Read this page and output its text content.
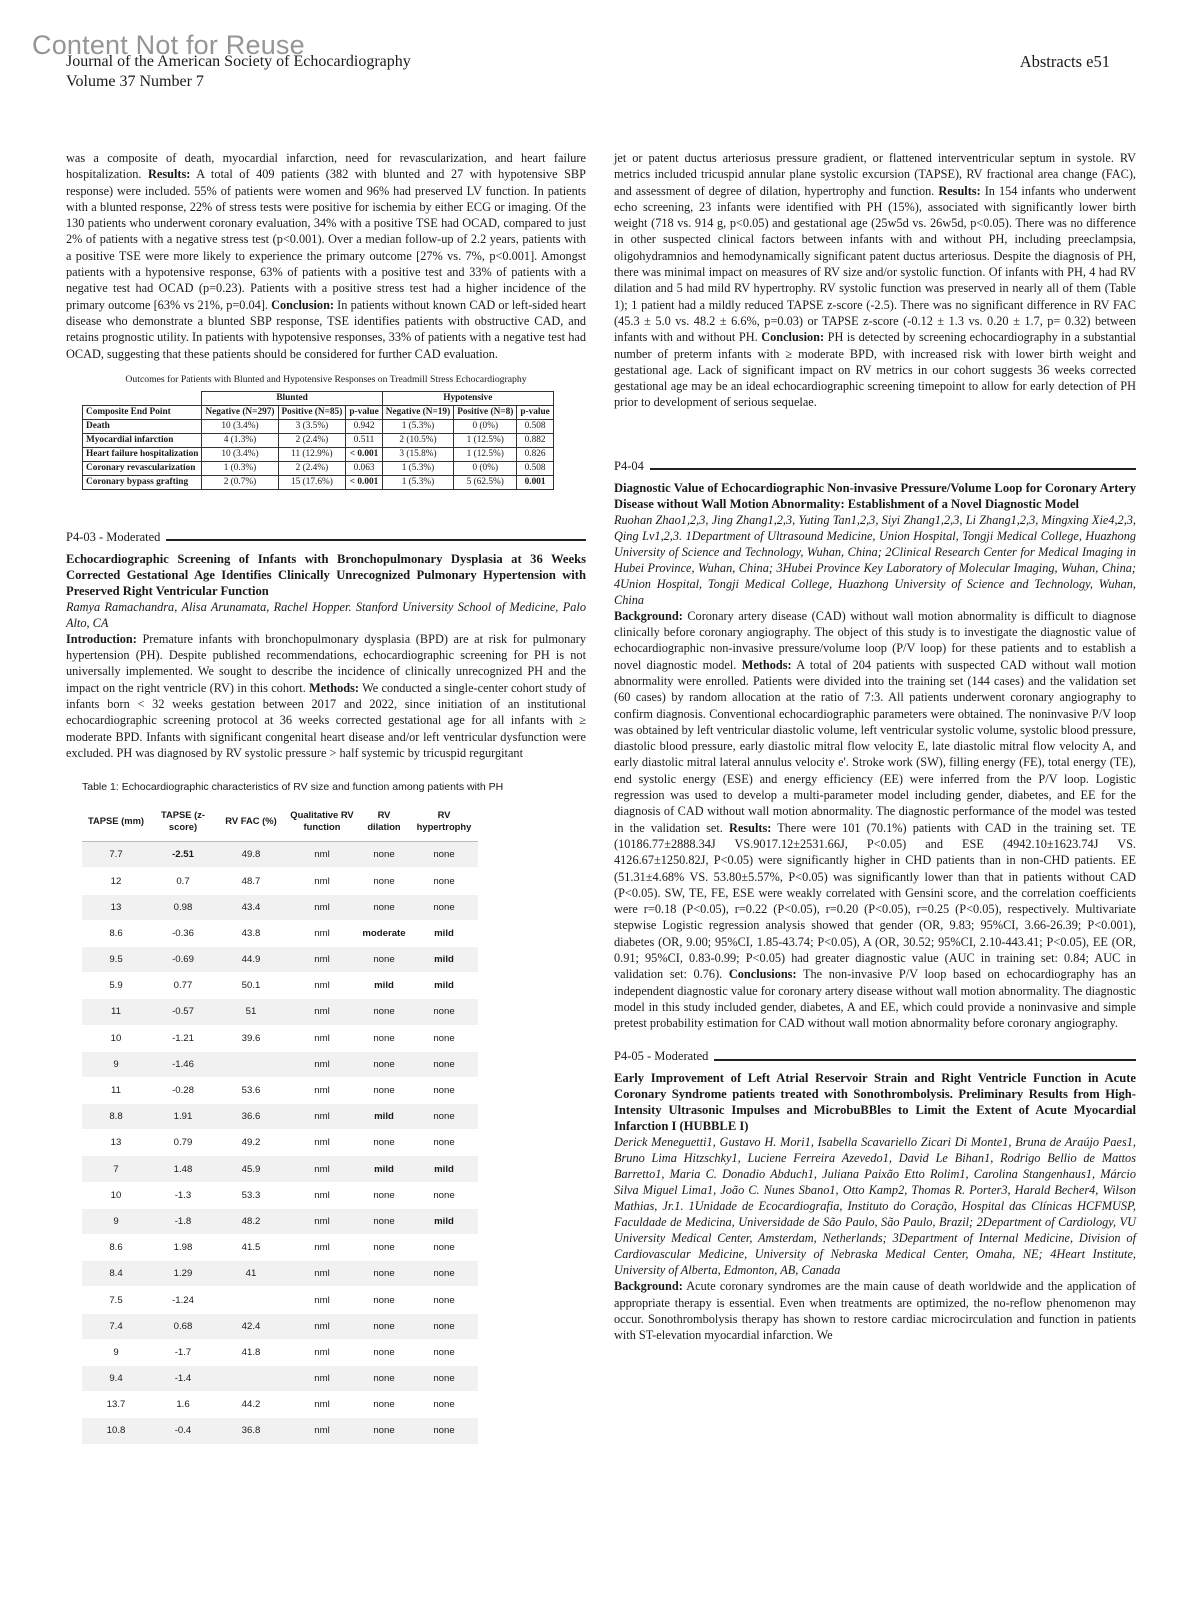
Content Not for Reuse
Journal of the American Society of Echocardiography
Volume 37 Number 7
Abstracts e51

was a composite of death, myocardial infarction, need for revascularization, and heart failure hospitalization. Results: A total of 409 patients (382 with blunted and 27 with hypotensive SBP response) were included. 55% of patients were women and 96% had preserved LV function. In patients with a blunted response, 22% of stress tests were positive for ischemia by either ECG or imaging. Of the 130 patients who underwent coronary evaluation, 34% with a positive TSE had OCAD, compared to just 2% of patients with a negative stress test (p<0.001). Over a median follow-up of 2.2 years, patients with a positive TSE were more likely to experience the primary outcome [27% vs. 7%, p<0.001]. Amongst patients with a hypotensive response, 63% of patients with a positive test and 33% of patients with a negative test had OCAD (p=0.23). Patients with a positive stress test had a higher incidence of the primary outcome [63% vs 21%, p=0.04]. Conclusion: In patients without known CAD or left-sided heart disease who demonstrate a blunted SBP response, TSE identifies patients with obstructive CAD, and retains prognostic utility. In patients with hypotensive responses, 33% of patients with a negative test had OCAD, suggesting that these patients should be considered for further CAD evaluation.

Outcomes for Patients with Blunted and Hypotensive Responses on Treadmill Stress Echocardiography
	Blunted			Hypotensive		
Composite End Point	Negative (N=297)	Positive (N=85)	p-value	Negative (N=19)	Positive (N=8)	p-value
Death	10 (3.4%)	3 (3.5%)	0.942	1 (5.3%)	0 (0%)	0.508
Myocardial infarction	4 (1.3%)	2 (2.4%)	0.511	2 (10.5%)	1 (12.5%)	0.882
Heart failure hospitalization	10 (3.4%)	11 (12.9%)	< 0.001	3 (15.8%)	1 (12.5%)	0.826
Coronary revascularization	1 (0.3%)	2 (2.4%)	0.063	1 (5.3%)	0 (0%)	0.508
Coronary bypass grafting	2 (0.7%)	15 (17.6%)	< 0.001	1 (5.3%)	5 (62.5%)	0.001
P4-03 - Moderated

Echocardiographic Screening of Infants with Bronchopulmonary Dysplasia at 36 Weeks Corrected Gestational Age Identifies Clinically Unrecognized Pulmonary Hypertension with Preserved Right Ventricular Function

Ramya Ramachandra, Alisa Arunamata, Rachel Hopper. Stanford University School of Medicine, Palo Alto, CA

Introduction: Premature infants with bronchopulmonary dysplasia (BPD) are at risk for pulmonary hypertension (PH). Despite published recommendations, echocardiographic screening for PH is not universally implemented. We sought to describe the incidence of clinically unrecognized PH and the impact on the right ventricle (RV) in this cohort. Methods: We conducted a single-center cohort study of infants born < 32 weeks gestation between 2017 and 2022, since initiation of an institutional echocardiographic screening protocol at 36 weeks corrected gestational age for all infants with ≥ moderate BPD. Infants with significant congenital heart disease and/or left ventricular dysfunction were excluded. PH was diagnosed by RV systolic pressure > half systemic by tricuspid regurgitant

Table 1: Echocardiographic characteristics of RV size and function among patients with PH
TAPSE (mm)	TAPSE (z-score)	RV FAC (%)	Qualitative RV function	RV dilation	RV hypertrophy
7.7	-2.51	49.8	nml	none	none
12	0.7	48.7	nml	none	none
13	0.98	43.4	nml	none	none
8.6	-0.36	43.8	nml	moderate	mild
9.5	-0.69	44.9	nml	none	mild
5.9	0.77	50.1	nml	mild	mild
11	-0.57	51	nml	none	none
10	-1.21	39.6	nml	none	none
9	-1.46		nml	none	none
11	-0.28	53.6	nml	none	none
8.8	1.91	36.6	nml	mild	none
13	0.79	49.2	nml	none	none
7	1.48	45.9	nml	mild	mild
10	-1.3	53.3	nml	none	none
9	-1.8	48.2	nml	none	mild
8.6	1.98	41.5	nml	none	none
8.4	1.29	41	nml	none	none
7.5	-1.24		nml	none	none
7.4	0.68	42.4	nml	none	none
9	-1.7	41.8	nml	none	none
9.4	-1.4		nml	none	none
13.7	1.6	44.2	nml	none	none
10.8	-0.4	36.8	nml	none	none

jet or patent ductus arteriosus pressure gradient, or flattened interventricular septum in systole. RV metrics included tricuspid annular plane systolic excursion (TAPSE), RV fractional area change (FAC), and assessment of degree of dilation, hypertrophy and function. Results: In 154 infants who underwent echo screening, 23 infants were identified with PH (15%), associated with significantly lower birth weight (718 vs. 914 g, p<0.05) and gestational age (25w5d vs. 26w5d, p<0.05). There was no difference in other suspected clinical factors between infants with and without PH, including preeclampsia, oligohydramnios and hemodynamically significant patent ductus arteriosus. Despite the diagnosis of PH, there was minimal impact on measures of RV size and/or systolic function. Of infants with PH, 4 had RV dilation and 5 had mild RV hypertrophy. RV systolic function was preserved in nearly all of them (Table 1); 1 patient had a mildly reduced TAPSE z-score (-2.5). There was no significant difference in RV FAC (45.3 ± 5.0 vs. 48.2 ± 6.6%, p=0.03) or TAPSE z-score (-0.12 ± 1.3 vs. 0.20 ± 1.7, p= 0.32) between infants with and without PH. Conclusion: PH is detected by screening echocardiography in a substantial number of preterm infants with ≥ moderate BPD, with increased risk with lower birth weight and gestational age. Lack of significant impact on RV metrics in our cohort suggests 36 weeks corrected gestational age may be an ideal echocardiographic screening timepoint to allow for early detection of PH prior to development of serious sequelae.

P4-04

Diagnostic Value of Echocardiographic Non-invasive Pressure/Volume Loop for Coronary Artery Disease without Wall Motion Abnormality: Establishment of a Novel Diagnostic Model

Ruohan Zhao1,2,3, Jing Zhang1,2,3, Yuting Tan1,2,3, Siyi Zhang1,2,3, Li Zhang1,2,3, Mingxing Xie4,2,3, Qing Lv1,2,3. 1Department of Ultrasound Medicine, Union Hospital, Tongji Medical College, Huazhong University of Science and Technology, Wuhan, China; 2Clinical Research Center for Medical Imaging in Hubei Province, Wuhan, China; 3Hubei Province Key Laboratory of Molecular Imaging, Wuhan, China; 4Union Hospital, Tongji Medical College, Huazhong University of Science and Technology, Wuhan, China

Background: Coronary artery disease (CAD) without wall motion abnormality is difficult to diagnose clinically before coronary angiography. The object of this study is to investigate the diagnostic value of echocardiographic non-invasive pressure/volume loop (P/V loop) for these patients and to establish a novel diagnostic model. Methods: A total of 204 patients with suspected CAD without wall motion abnormality were enrolled. Patients were divided into the training set (144 cases) and the validation set (60 cases) by random allocation at the ratio of 7:3. All patients underwent coronary angiography to confirm diagnosis. Conventional echocardiographic parameters were obtained. The noninvasive P/V loop was obtained by left ventricular diastolic volume, left ventricular systolic volume, systolic blood pressure, diastolic blood pressure, early diastolic mitral flow velocity E, late diastolic mitral flow velocity A, and early diastolic mitral lateral annulus velocity e'. Stroke work (SW), filling energy (FE), total energy (TE), end systolic energy (ESE) and energy efficiency (EE) were inferred from the P/V loop. Logistic regression was used to develop a multi-parameter model including gender, diabetes, and EE for the diagnosis of CAD without wall motion abnormality. The diagnostic performance of the model was tested in the validation set. Results: There were 101 (70.1%) patients with CAD in the training set. TE (10186.77±2888.34J VS.9017.12±2531.66J, P<0.05) and ESE (4942.10±1623.74J VS. 4126.67±1250.82J, P<0.05) were significantly higher in CHD patients than in non-CHD patients. EE (51.31±4.68% VS. 53.80±5.57%, P<0.05) was significantly lower than that in patients without CAD (P<0.05). SW, TE, FE, ESE were weakly correlated with Gensini score, and the correlation coefficients were r=0.18 (P<0.05), r=0.22 (P<0.05), r=0.20 (P<0.05), r=0.25 (P<0.05), respectively. Multivariate stepwise Logistic regression analysis showed that gender (OR, 9.83; 95%CI, 3.66-26.39; P<0.001), diabetes (OR, 9.00; 95%CI, 1.85-43.74; P<0.05), A (OR, 30.52; 95%CI, 2.10-443.41; P<0.05), EE (OR, 0.91; 95%CI, 0.83-0.99; P<0.05) had greater diagnostic value (AUC in training set: 0.84; AUC in validation set: 0.76). Conclusions: The non-invasive P/V loop based on echocardiography has an independent diagnostic value for coronary artery disease without wall motion abnormality. The diagnostic model in this study included gender, diabetes, A and EE, which could provide a noninvasive and simple pretest probability estimation for CAD without wall motion abnormality before coronary angiography.

P4-05 - Moderated

Early Improvement of Left Atrial Reservoir Strain and Right Ventricle Function in Acute Coronary Syndrome patients treated with Sonothrombolysis. Preliminary Results from High-Intensity Ultrasonic Impulses and MicrobuBBles to Limit the Extent of Acute Myocardial Infarction I (HUBBLE I)

Derick Meneguetti1, Gustavo H. Mori1, Isabella Scavariello Zicari Di Monte1, Bruna de Araújo Paes1, Bruno Lima Hitzschky1, Luciene Ferreira Azevedo1, David Le Bihan1, Rodrigo Bellio de Mattos Barretto1, Maria C. Donadio Abduch1, Juliana Paixão Etto Rolim1, Carolina Stangenhaus1, Márcio Silva Miguel Lima1, João C. Nunes Sbano1, Otto Kamp2, Thomas R. Porter3, Harald Becher4, Wilson Mathias, Jr.1. 1Unidade de Ecocardiografia, Instituto do Coração, Hospital das Clínicas HCFMUSP, Faculdade de Medicina, Universidade de São Paulo, São Paulo, Brazil; 2Department of Cardiology, VU University Medical Center, Amsterdam, Netherlands; 3Department of Internal Medicine, Division of Cardiovascular Medicine, University of Nebraska Medical Center, Omaha, NE; 4Heart Institute, University of Alberta, Edmonton, AB, Canada

Background: Acute coronary syndromes are the main cause of death worldwide and the application of appropriate therapy is essential. Even when treatments are optimized, the no-reflow phenomenon may occur. Sonothrombolysis therapy has shown to restore cardiac microcirculation and function in patients with ST-elevation myocardial infarction. We
